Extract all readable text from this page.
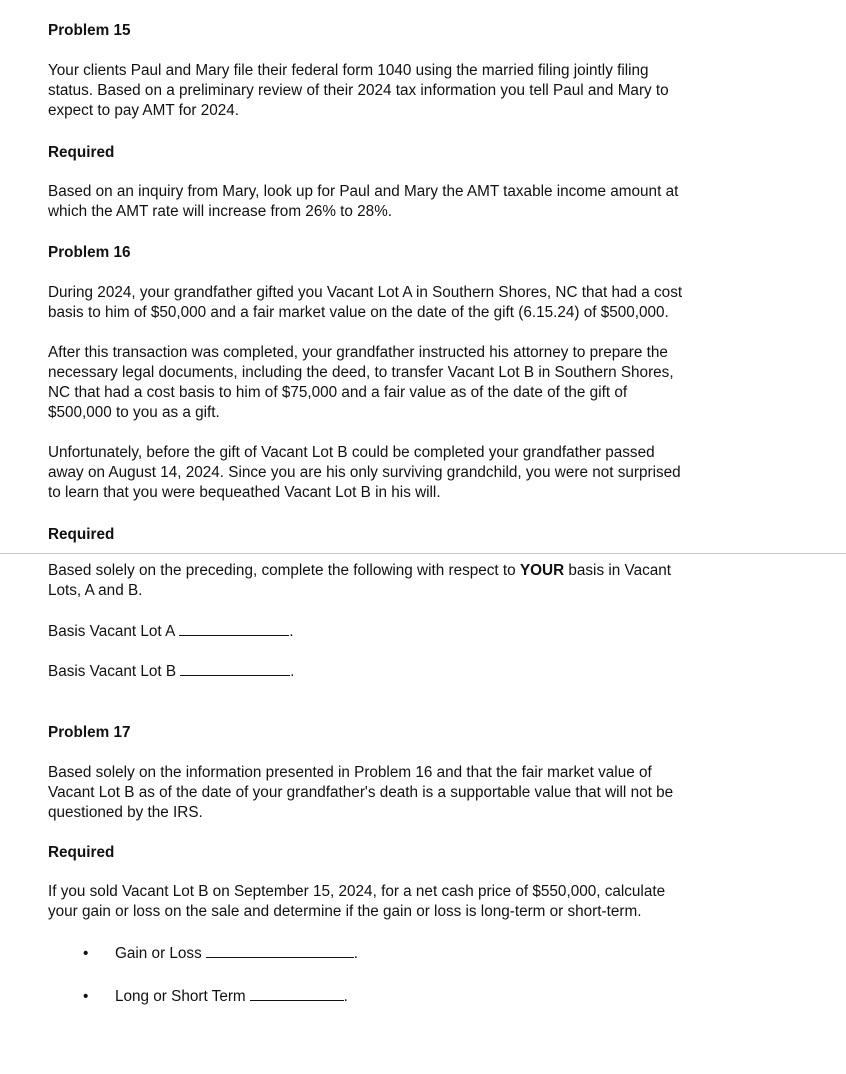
Problem 15

Your clients Paul and Mary file their federal form 1040 using the married filing jointly filing
status. Based on a preliminary review of their 2024 tax information you tell Paul and Mary to
expect to pay AMT for 2024.

Required

Based on an inquiry from Mary, look up for Paul and Mary the AMT taxable income amount at
which the AMT rate will increase from 26% to 28%.

Problem 16

During 2024, your grandfather gifted you Vacant Lot A in Southern Shores, NC that had a cost
basis to him of $50,000 and a fair market value on the date of the gift (6.15.24) of $500,000.

After this transaction was completed, your grandfather instructed his attorney to prepare the
necessary legal documents, including the deed, to transfer Vacant Lot B in Southern Shores,
NC that had a cost basis to him of $75,000 and a fair value as of the date of the gift of
$500,000 to you as a gift.

Unfortunately, before the gift of Vacant Lot B could be completed your grandfather passed
away on August 14, 2024. Since you are his only surviving grandchild, you were not surprised
to learn that you were bequeathed Vacant Lot B in his will.

Required

Based solely on the preceding, complete the following with respect to YOUR basis in Vacant
Lots, A and B.

Basis Vacant Lot A	.

Basis Vacant Lot B	.

Problem 17

Based solely on the information presented in Problem 16 and that the fair market value of
Vacant Lot B as of the date of your grandfather's death is a supportable value that will not be
questioned by the IRS.

Required

If you sold Vacant Lot B on September 15, 2024, for a net cash price of $550,000, calculate
your gain or loss on the sale and determine if the gain or loss is long-term or short-term.

• Gain or Loss	.

• Long or Short Term	.
